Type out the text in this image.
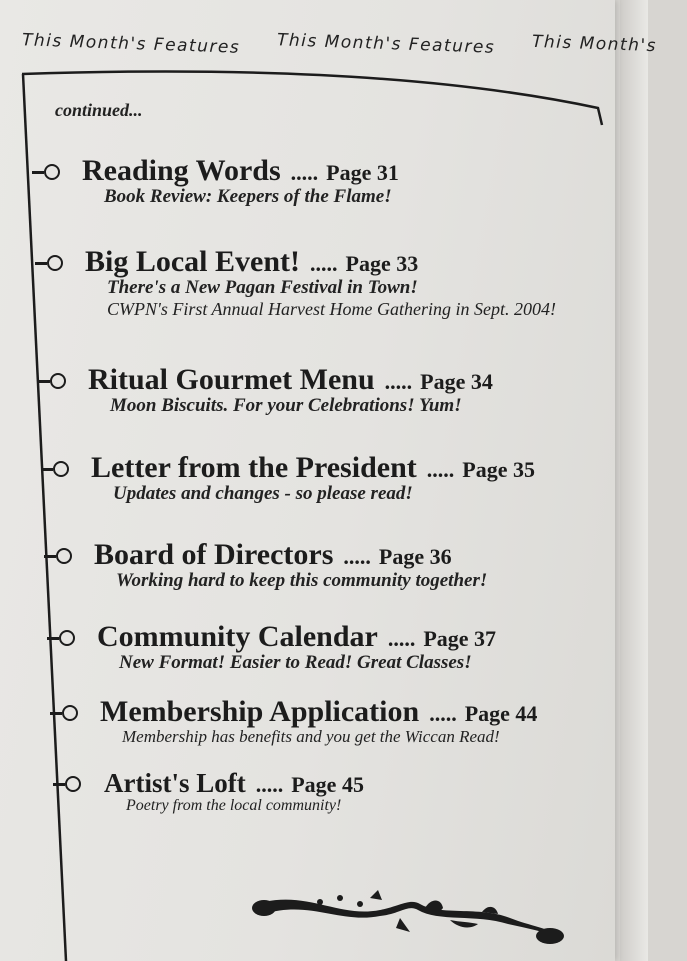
This Month's Features This Month's Features This Month's
continued...
Reading Words ..... Page 31
Book Review: Keepers of the Flame!
Big Local Event! ..... Page 33
There's a New Pagan Festival in Town!
CWPN's First Annual Harvest Home Gathering in Sept. 2004!
Ritual Gourmet Menu ..... Page 34
Moon Biscuits. For your Celebrations! Yum!
Letter from the President ..... Page 35
Updates and changes - so please read!
Board of Directors ..... Page 36
Working hard to keep this community together!
Community Calendar ..... Page 37
New Format! Easier to Read! Great Classes!
Membership Application ..... Page 44
Membership has benefits and you get the Wiccan Read!
Artist's Loft ..... Page 45
Poetry from the local community!
